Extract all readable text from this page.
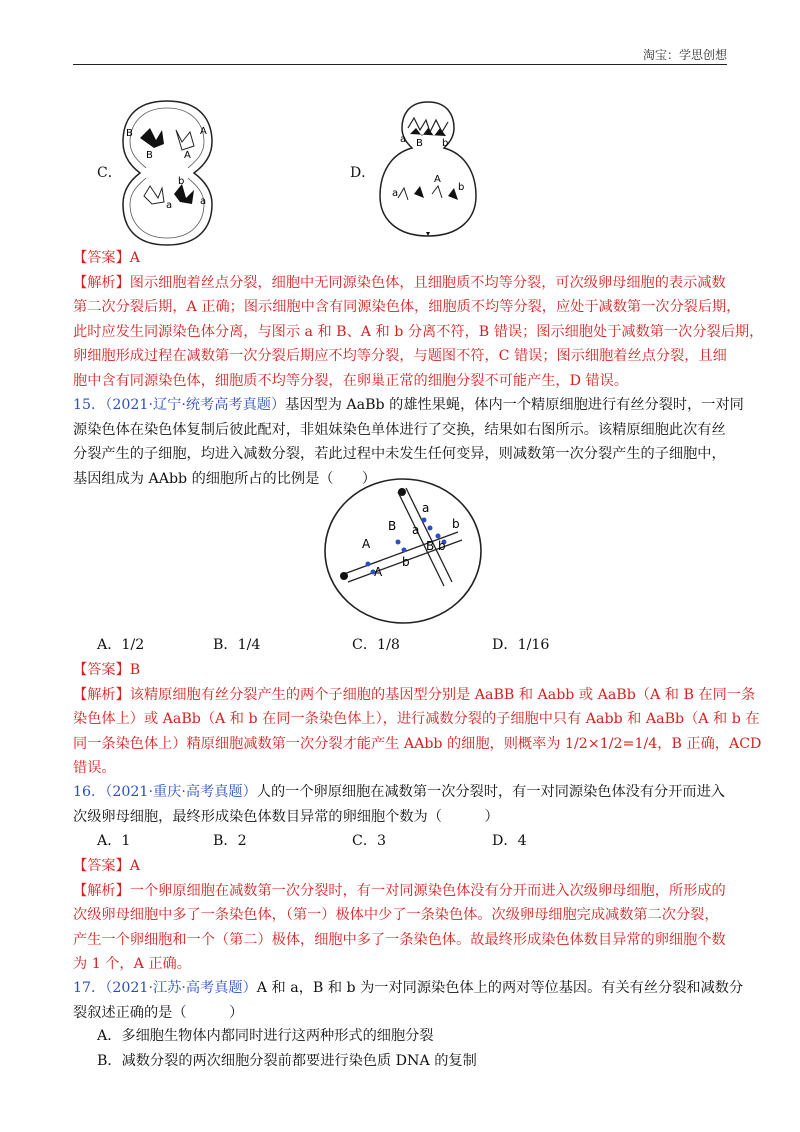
淘宝：学思创想
C．
B	A
B	A
a	a
b
D．
a B
a
b
A
b
【答案】A
【解析】图示细胞着丝点分裂，细胞中无同源染色体，且细胞质不均等分裂，可次级卵母细胞的表示减数
第二次分裂后期，A 正确；图示细胞中含有同源染色体，细胞质不均等分裂，应处于减数第一次分裂后期，
此时应发生同源染色体分离，与图示 a 和 B、A 和 b 分离不符，B 错误；图示细胞处于减数第一次分裂后期，
卵细胞形成过程在减数第一次分裂后期应不均等分裂，与题图不符，C 错误；图示细胞着丝点分裂，且细
胞中含有同源染色体，细胞质不均等分裂，在卵巢正常的细胞分裂不可能产生，D 错误。
15．（2021·辽宁·统考高考真题）基因型为 AaBb 的雄性果蝇，体内一个精原细胞进行有丝分裂时，一对同
源染色体在染色体复制后彼此配对，非姐妹染色单体进行了交换，结果如右图所示。该精原细胞此次有丝
分裂产生的子细胞，均进入减数分裂，若此过程中未发生任何变异，则减数第一次分裂产生的子细胞中，
基因组成为 AAbb 的细胞所占的比例是（　　）
a
B a	b
B b
A
A
b
A．1/2	B．1/4	C．1/8	D．1/16
【答案】B
【解析】该精原细胞有丝分裂产生的两个子细胞的基因型分别是 AaBB 和 Aabb 或 AaBb（A 和 B 在同一条
染色体上）或 AaBb（A 和 b 在同一条染色体上），进行减数分裂的子细胞中只有 Aabb 和 AaBb（A 和 b 在
同一条染色体上）精原细胞减数第一次分裂才能产生 AAbb 的细胞，则概率为 1/2×1/2=1/4，B 正确，ACD
错误。
16．（2021·重庆·高考真题）人的一个卵原细胞在减数第一次分裂时，有一对同源染色体没有分开而进入
次级卵母细胞，最终形成染色体数目异常的卵细胞个数为（　　　）
A．1	B．2	C．3	D．4
【答案】A
【解析】一个卵原细胞在减数第一次分裂时，有一对同源染色体没有分开而进入次级卵母细胞，所形成的
次级卵母细胞中多了一条染色体，（第一）极体中少了一条染色体。次级卵母细胞完成减数第二次分裂，
产生一个卵细胞和一个（第二）极体，细胞中多了一条染色体。故最终形成染色体数目异常的卵细胞个数
为 1 个，A 正确。
17．（2021·江苏·高考真题）A 和 a，B 和 b 为一对同源染色体上的两对等位基因。有关有丝分裂和减数分
裂叙述正确的是（　　　）
A．多细胞生物体内都同时进行这两种形式的细胞分裂
B．减数分裂的两次细胞分裂前都要进行染色质 DNA 的复制
